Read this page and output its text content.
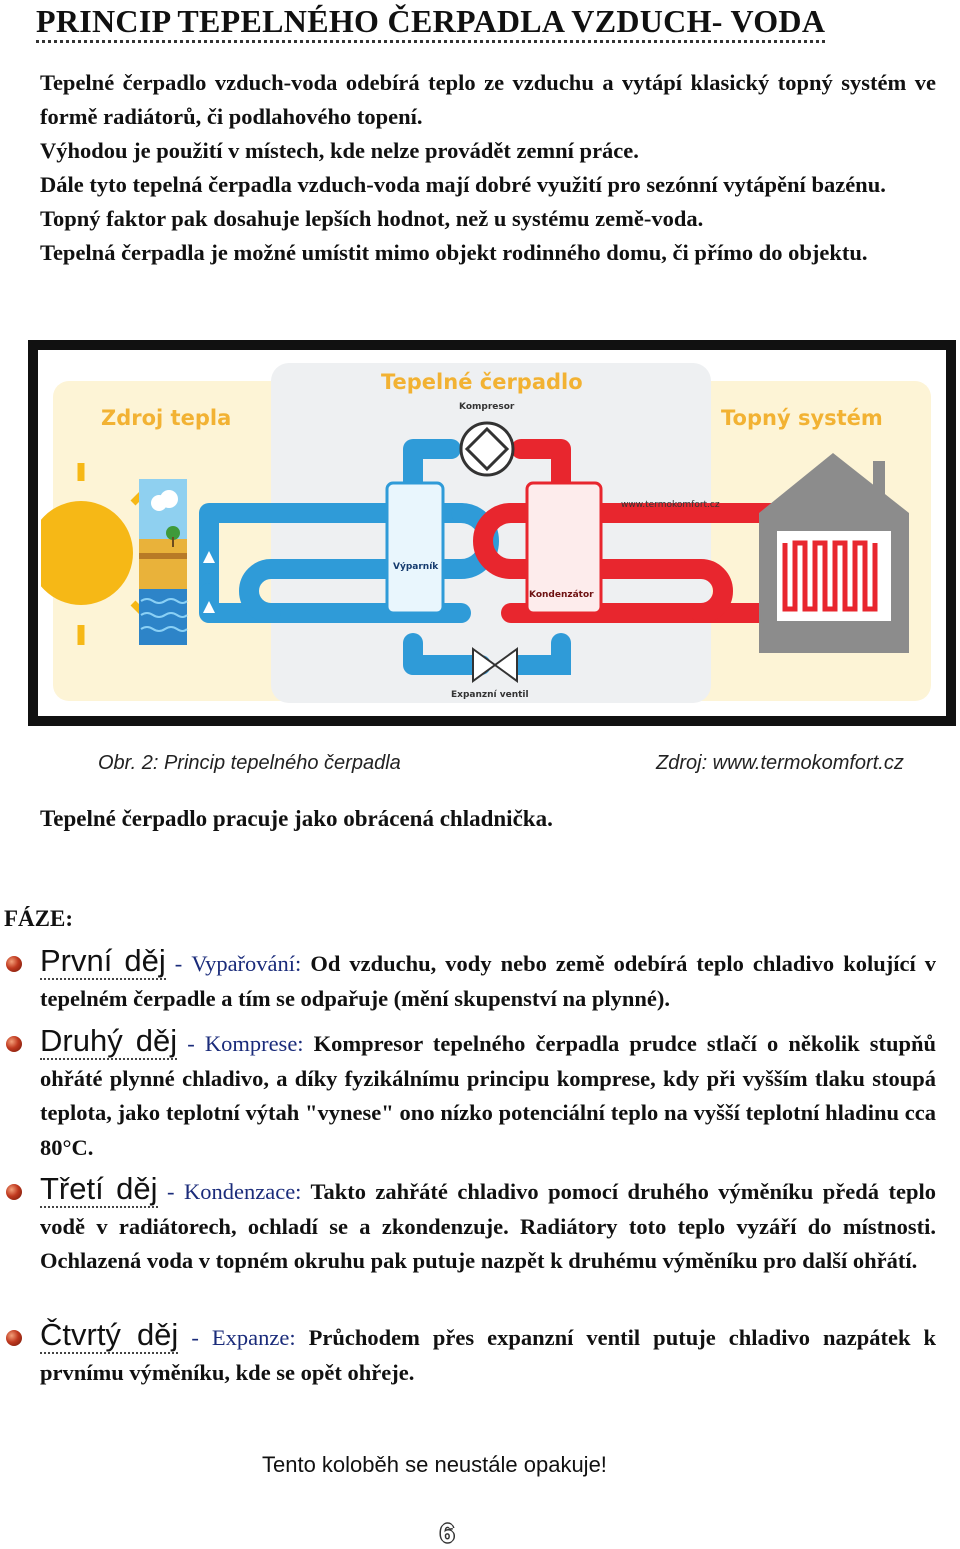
PRINCIP TEPELNÉHO ČERPADLA VZDUCH- VODA

Tepelné čerpadlo vzduch-voda odebírá teplo ze vzduchu a vytápí klasický topný systém ve formě radiátorů, či podlahového topení.

Výhodou je použití v místech, kde nelze provádět zemní práce.

Dále tyto tepelná čerpadla vzduch-voda mají dobré využití pro sezónní vytápění bazénu.

Topný faktor pak dosahuje lepších hodnot, než u systému země-voda.

Tepelná čerpadla je možné umístit mimo objekt rodinného domu, či přímo do objektu.

Zdroj tepla	Topný systém
Tepelné čerpadlo
Kompresor
Výparník
Kondenzátor
Expanzní ventil
www.termokomfort.cz
Obr. 2: Princip tepelného čerpadla	Zdroj: www.termokomfort.cz
Tepelné čerpadlo pracuje jako obrácená chladnička.
FÁZE:
První děj - Vypařování: Od vzduchu, vody nebo země odebírá teplo chladivo kolující v tepelném čerpadle a tím se odpařuje (mění skupenství na plynné).
Druhý děj - Komprese: Kompresor tepelného čerpadla prudce stlačí o několik stupňů ohřáté plynné chladivo, a díky fyzikálnímu principu komprese, kdy při vyšším tlaku stoupá teplota, jako teplotní výtah "vynese" ono nízko potenciální teplo na vyšší teplotní hladinu cca 80°C.
Třetí děj - Kondenzace: Takto zahřáté chladivo pomocí druhého výměníku předá teplo vodě v radiátorech, ochladí se a zkondenzuje. Radiátory toto teplo vyzáří do místnosti. Ochlazená voda v topném okruhu pak putuje nazpět k druhému výměníku pro další ohřátí.
Čtvrtý děj - Expanze: Průchodem přes expanzní ventil putuje chladivo nazpátek k prvnímu výměníku, kde se opět ohřeje.
Tento koloběh se neustále opakuje!
6
